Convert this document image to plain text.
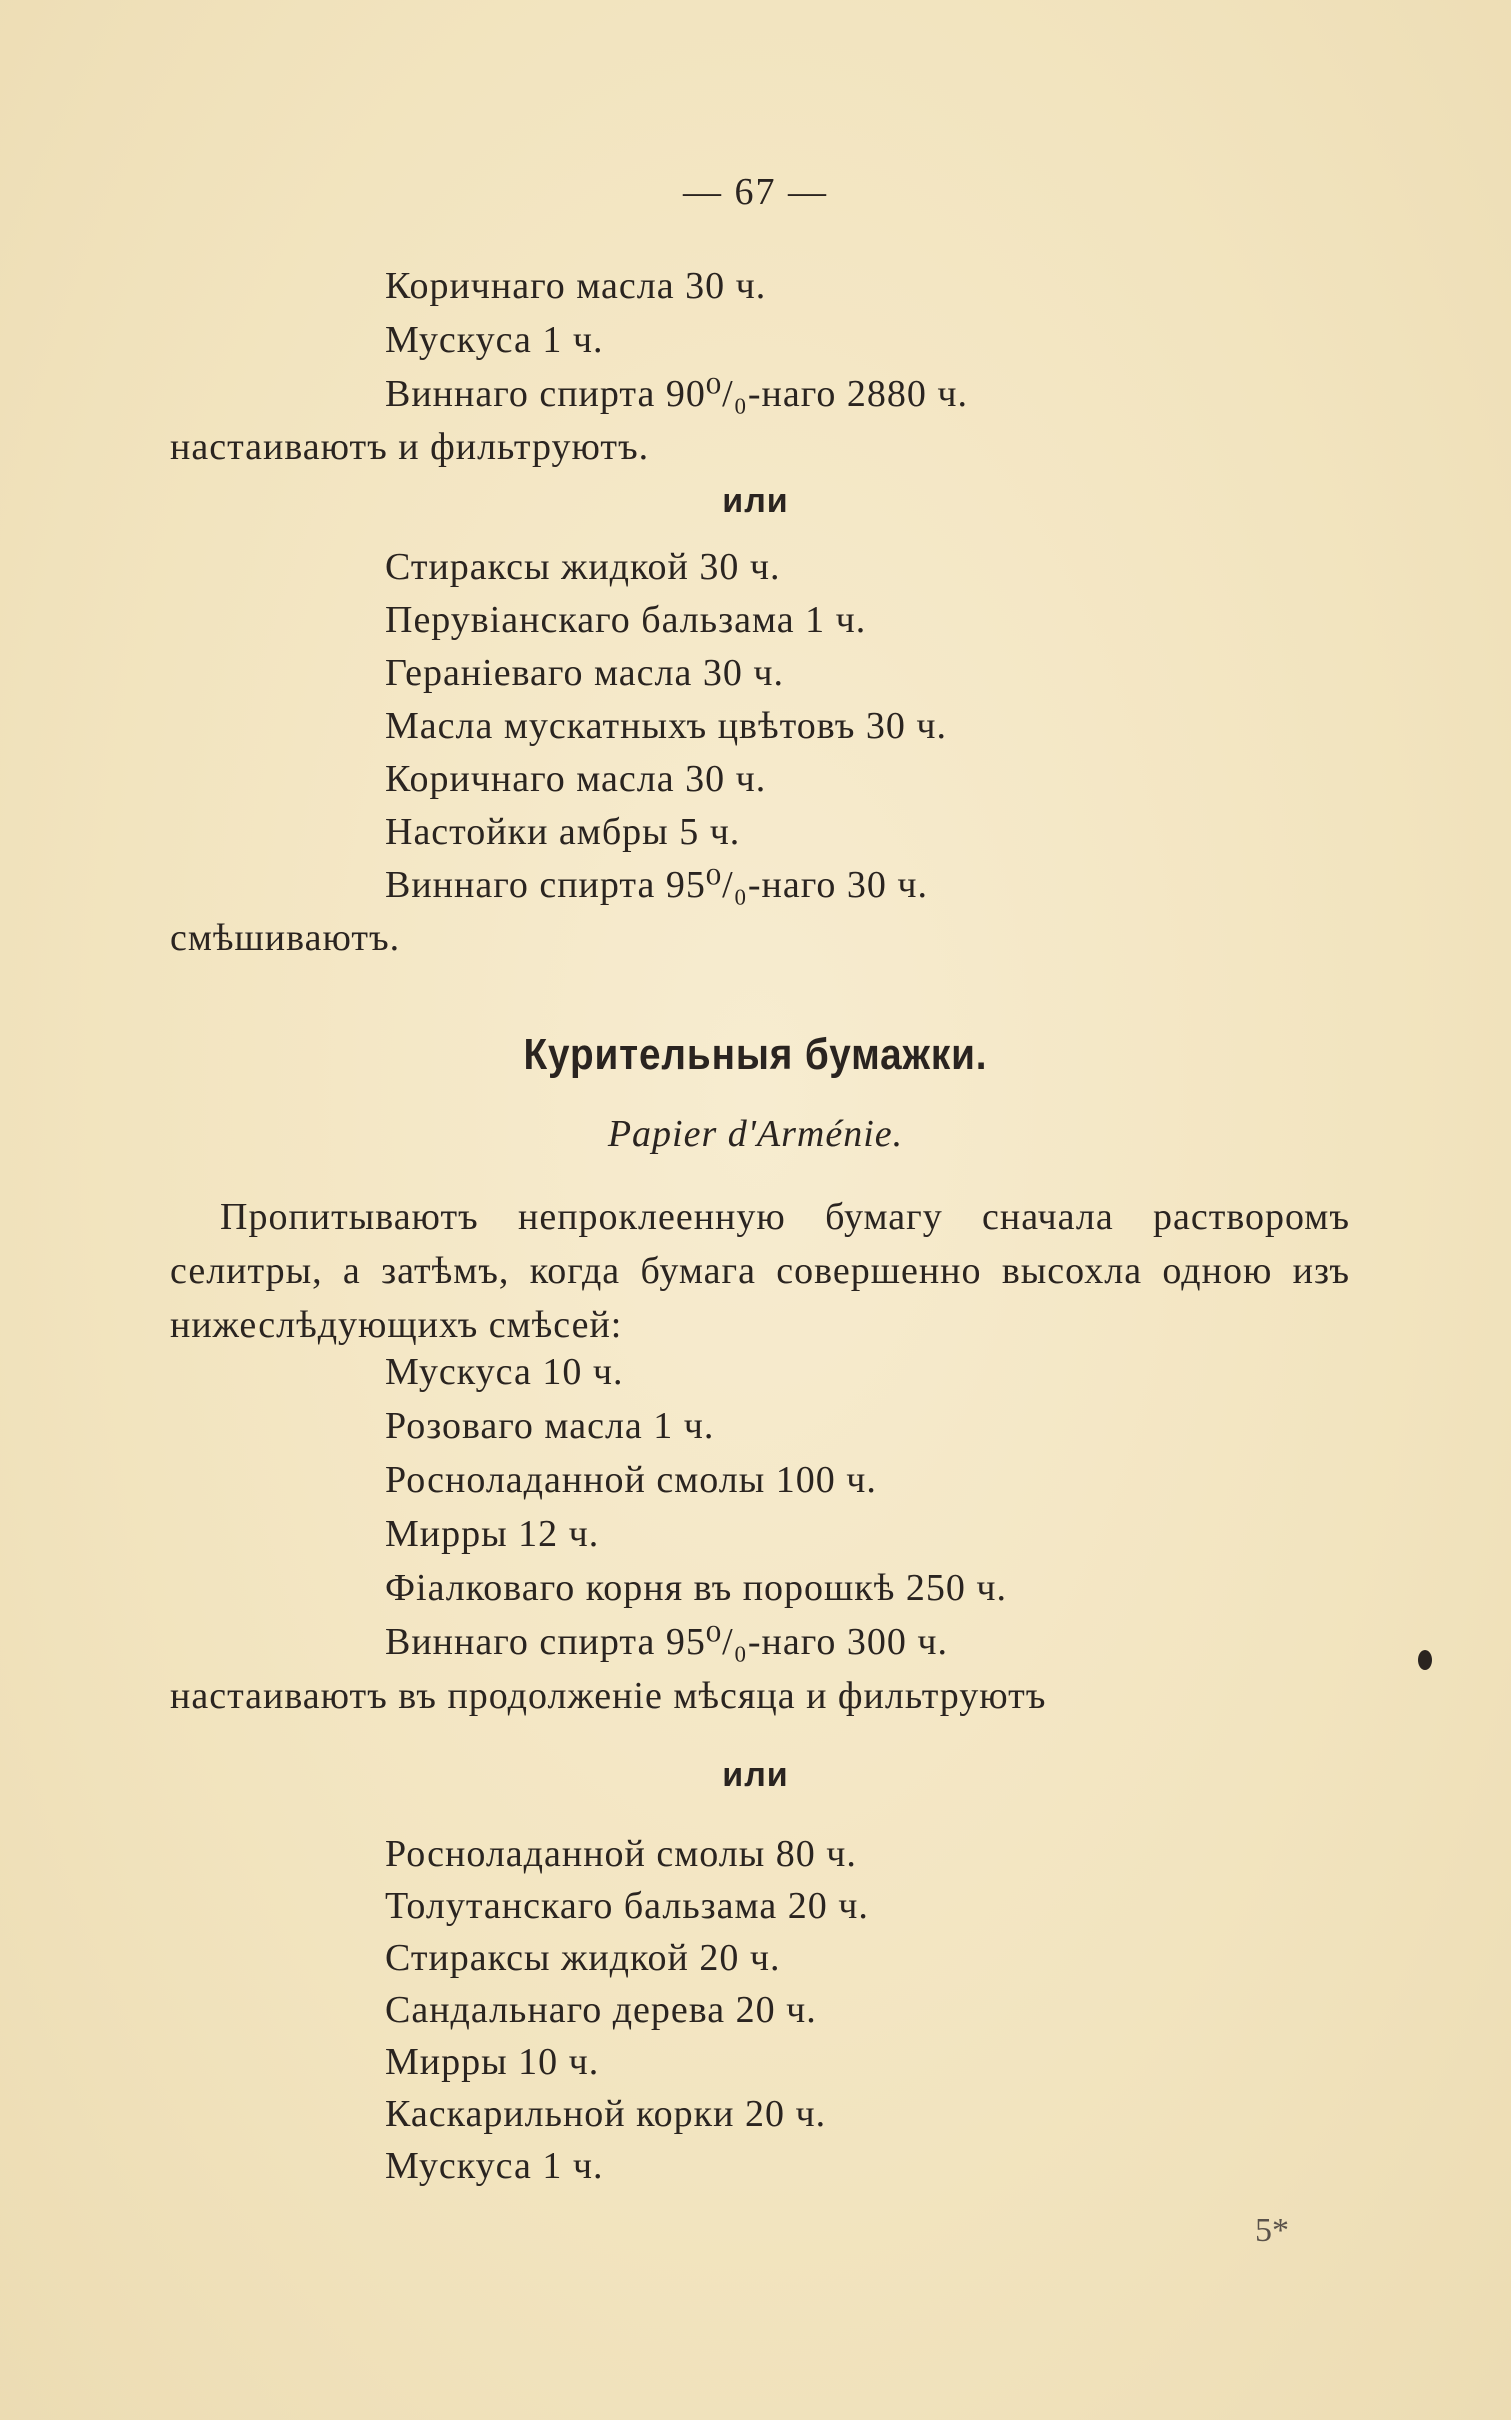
— 67 —
Коричнаго масла 30 ч.
Мускуса 1 ч.
Виннаго спирта 90⁰/₀-наго 2880 ч.
настаиваютъ и фильтруютъ.
или
Стираксы жидкой 30 ч.
Перувіанскаго бальзама 1 ч.
Гераніеваго масла 30 ч.
Масла мускатныхъ цвѣтовъ 30 ч.
Коричнаго масла 30 ч.
Настойки амбры 5 ч.
Виннаго спирта 95⁰/₀-наго 30 ч.
смѣшиваютъ.
Курительныя бумажки.
Papier d'Arménie.
Пропитываютъ непроклеенную бумагу сначала растворомъ селитры, а затѣмъ, когда бумага совершенно высохла одною изъ нижеслѣдующихъ смѣсей:
Мускуса 10 ч.
Розоваго масла 1 ч.
Росноладанной смолы 100 ч.
Мирры 12 ч.
Фіалковаго корня въ порошкѣ 250 ч.
Виннаго спирта 95⁰/₀-наго 300 ч.
настаиваютъ въ продолженіе мѣсяца и фильтруютъ
или
Росноладанной смолы 80 ч.
Толутанскаго бальзама 20 ч.
Стираксы жидкой 20 ч.
Сандальнаго дерева 20 ч.
Мирры 10 ч.
Каскарильной корки 20 ч.
Мускуса 1 ч.
5*
